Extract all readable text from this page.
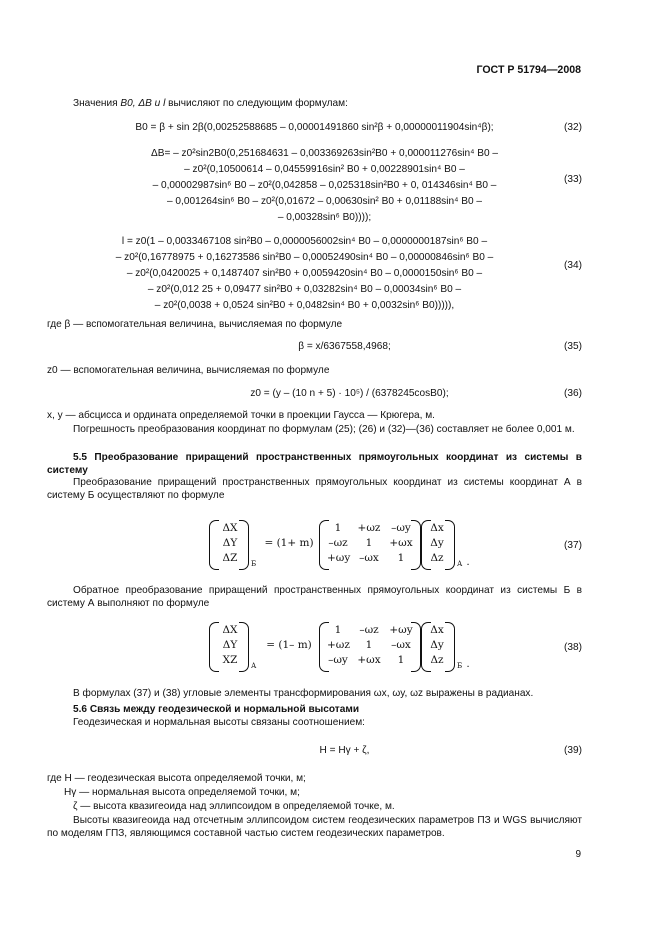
ГОСТ Р 51794—2008

Значения B0, ΔB и l вычисляют по следующим формулам:

B0 = β + sin 2β(0,00252588685 – 0,00001491860 sin²β + 0,00000011904sin⁴β);	(32)
ΔB= – z0²sin2B0(0,251684631 – 0,003369263sin²B0 + 0,000011276sin⁴ B0 –
– z0²(0,10500614 – 0,04559916sin² B0 + 0,00228901sin⁴ B0 –
– 0,00002987sin⁶ B0 – z0²(0,042858 – 0,025318sin²B0 + 0, 014346sin⁴ B0 –
– 0,001264sin⁶ B0 – z0²(0,01672 – 0,00630sin² B0 + 0,01188sin⁴ B0 –
– 0,00328sin⁶ B0))));
(33)
l = z0(1 – 0,0033467108 sin²B0 – 0,0000056002sin⁴ B0 – 0,0000000187sin⁶ B0 –
– z0²(0,16778975 + 0,16273586 sin²B0 – 0,00052490sin⁴ B0 – 0,00000846sin⁶ B0 –
– z0²(0,0420025 + 0,1487407 sin²B0 + 0,0059420sin⁴ B0 – 0,0000150sin⁶ B0 –
– z0²(0,012 25 + 0,09477 sin²B0 + 0,03282sin⁴ B0 – 0,00034sin⁶ B0 –
– z0²(0,0038 + 0,0524 sin²B0 + 0,0482sin⁴ B0 + 0,0032sin⁶ B0))))),
(34)

где β — вспомогательная величина, вычисляемая по формуле

β = x/6367558,4968;	(35)

z0 — вспомогательная величина, вычисляемая по формуле

z0 = (y – (10 n + 5) · 10⁵) / (6378245cosB0);	(36)

x, y — абсцисса и ордината определяемой точки в проекции Гаусса — Крюгера, м.

Погрешность преобразования координат по формулам (25); (26) и (32)—(36) составляет не более 0,001 м.

5.5 Преобразование приращений пространственных прямоугольных координат из системы в систему

Преобразование приращений пространственных прямоугольных координат из системы координат А в систему Б осуществляют по формуле

ΔX
ΔY
ΔZ	Б
= (1+ m)
1	+ωz	–ωy
–ωz	1	+ωx
+ωy –ωx	1
Δx
Δy
Δz	А .
(37)

Обратное преобразование приращений пространственных прямоугольных координат из системы Б в систему А выполняют по формуле

ΔX
ΔY
XZ	А
= (1– m)
1	–ωz	+ωy
+ωz	1	–ωx
–ωy +ωx	1
Δx
Δy
Δz	Б .
(38)

В формулах (37) и (38) угловые элементы трансформирования ωx, ωy, ωz выражены в радианах.

5.6 Связь между геодезической и нормальной высотами

Геодезическая и нормальная высоты связаны соотношением:

H = Hγ + ζ,	(39)
где H — геодезическая высота определяемой точки, м;
Hγ — нормальная высота определяемой точки, м;
ζ — высота квазигеоида над эллипсоидом в определяемой точке, м.

Высоты квазигеоида над отсчетным эллипсоидом систем геодезических параметров ПЗ и WGS вычисляют по моделям ГПЗ, являющимся составной частью систем геодезических параметров.

9
